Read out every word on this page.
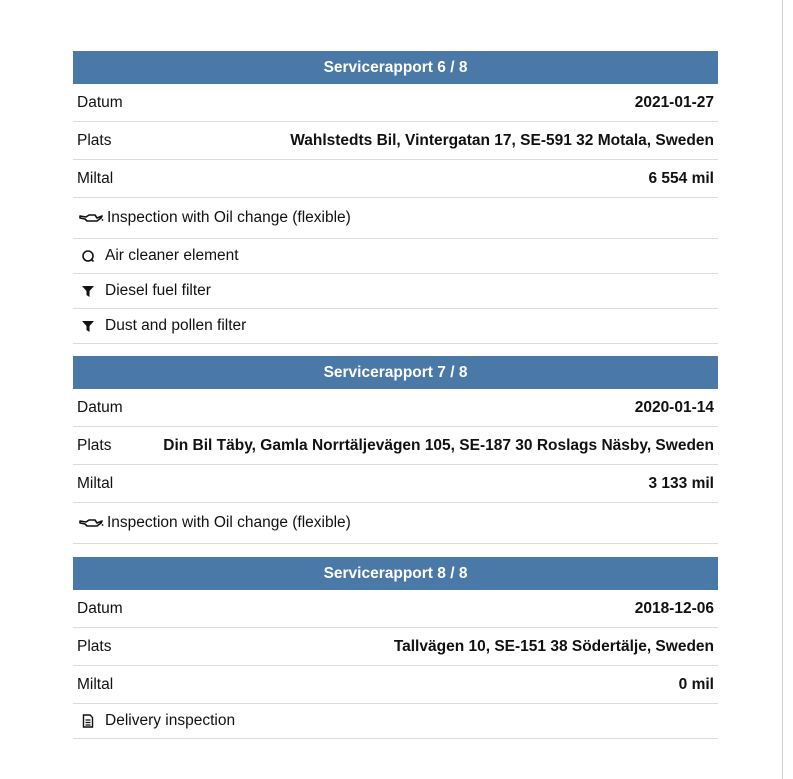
Servicerapport 6 / 8
Datum	2021-01-27
Plats	Wahlstedts Bil, Vintergatan 17, SE-591 32 Motala, Sweden
Miltal	6 554 mil
Inspection with Oil change (flexible)
Air cleaner element
Diesel fuel filter
Dust and pollen filter
Servicerapport 7 / 8
Datum	2020-01-14
Plats	Din Bil Täby, Gamla Norrtäljevägen 105, SE-187 30 Roslags Näsby, Sweden
Miltal	3 133 mil
Inspection with Oil change (flexible)
Servicerapport 8 / 8
Datum	2018-12-06
Plats	Tallvägen 10, SE-151 38 Södertälje, Sweden
Miltal	0 mil
Delivery inspection
